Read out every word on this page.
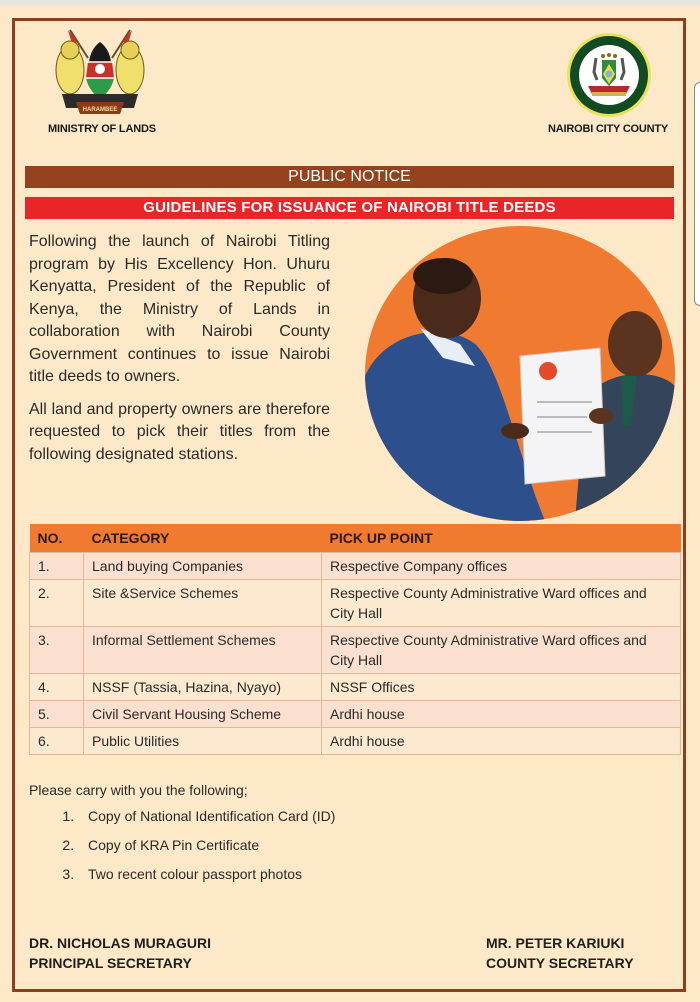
HARAMBEE
MINISTRY OF LANDS	NAIROBI CITY COUNTY
PUBLIC NOTICE
GUIDELINES FOR ISSUANCE OF NAIROBI TITLE DEEDS

Following the launch of Nairobi Titling program by His Excellency Hon. Uhuru Kenyatta, President of the Republic of Kenya, the Ministry of Lands in collaboration with Nairobi County Government continues to issue Nairobi title deeds to owners.

All land and property owners are therefore requested to pick their titles from the following designated stations.

NO.	CATEGORY	PICK UP POINT
1.	Land buying Companies	Respective Company offices
2.	Site &Service Schemes	Respective County Administrative Ward offices and City Hall
3.	Informal Settlement Schemes	Respective County Administrative Ward offices and City Hall
4.	NSSF (Tassia, Hazina, Nyayo)	NSSF Offices
5.	Civil Servant Housing Scheme	Ardhi house
6.	Public Utilities	Ardhi house
Please carry with you the following;
1. Copy of National Identification Card (ID)
2. Copy of KRA Pin Certificate
3. Two recent colour passport photos
DR. NICHOLAS MURAGURI
PRINCIPAL SECRETARY
MR. PETER KARIUKI
COUNTY SECRETARY
